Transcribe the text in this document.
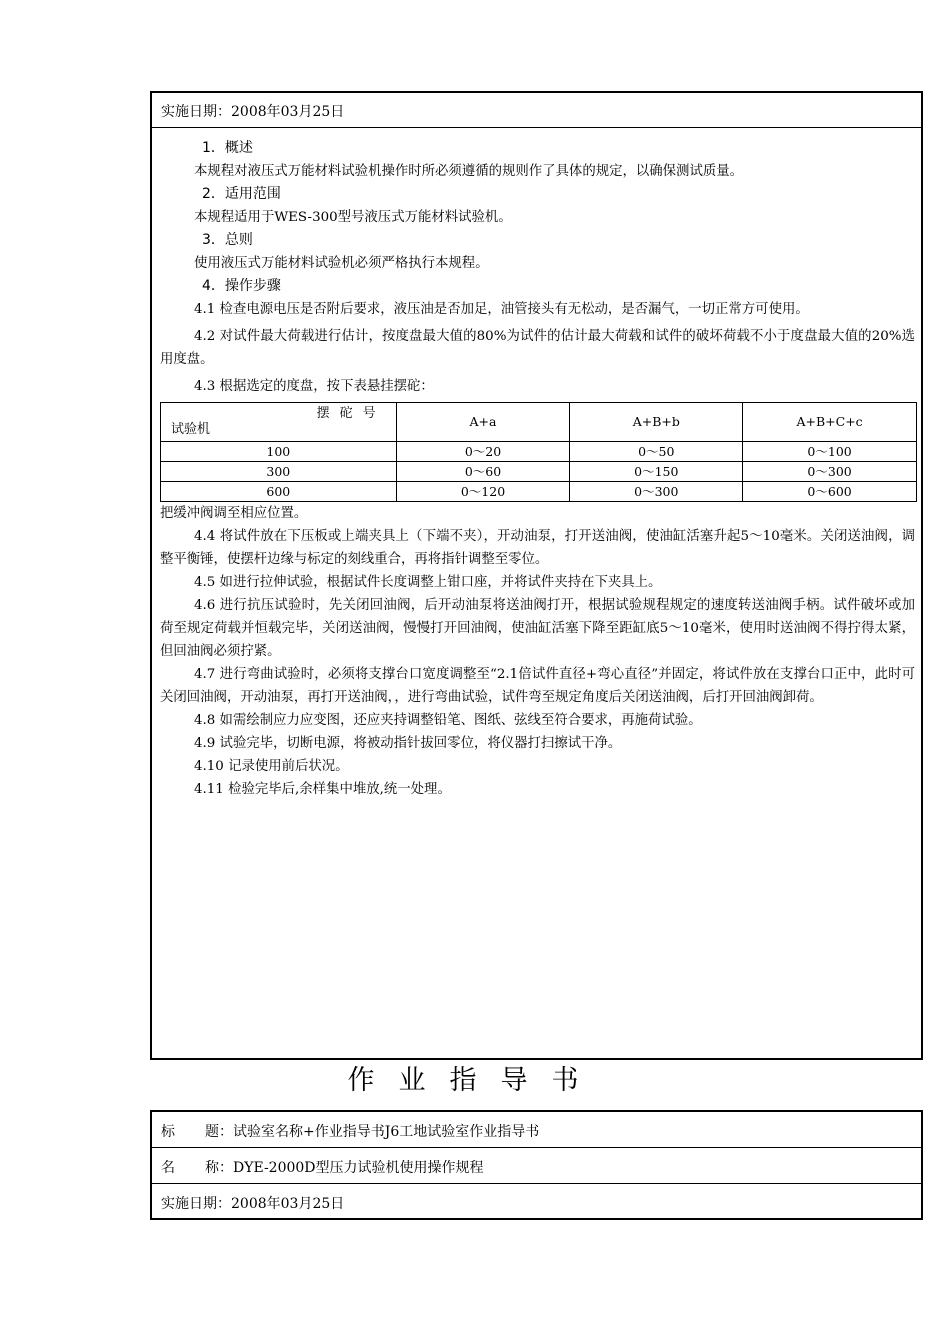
实施日期：2008年03月25日
1．概述
本规程对液压式万能材料试验机操作时所必须遵循的规则作了具体的规定，以确保测试质量。
2．适用范围
本规程适用于WES-300型号液压式万能材料试验机。
3．总则
使用液压式万能材料试验机必须严格执行本规程。
4．操作步骤
4.1 检查电源电压是否附后要求，液压油是否加足，油管接头有无松动，是否漏气，一切正常方可使用。
4.2 对试件最大荷载进行估计，按度盘最大值的80%为试件的估计最大荷载和试件的破坏荷载不小于度盘最大值的20%选用度盘。
4.3 根据选定的度盘，按下表悬挂摆砣：
摆砣号
试验机	A+a	A+B+b	A+B+C+c
100	0～20	0～50	0～100
300	0～60	0～150	0～300
600	0～120	0～300	0～600
把缓冲阀调至相应位置。
4.4 将试件放在下压板或上端夹具上（下端不夹），开动油泵，打开送油阀，使油缸活塞升起5～10毫米。关闭送油阀，调整平衡锤，使摆杆边缘与标定的刻线重合，再将指针调整至零位。
4.5 如进行拉伸试验，根据试件长度调整上钳口座，并将试件夹持在下夹具上。
4.6 进行抗压试验时，先关闭回油阀，后开动油泵将送油阀打开，根据试验规程规定的速度转送油阀手柄。试件破坏或加荷至规定荷载并恒载完毕，关闭送油阀，慢慢打开回油阀，使油缸活塞下降至距缸底5～10毫米，使用时送油阀不得拧得太紧，但回油阀必须拧紧。
4.7 进行弯曲试验时，必须将支撑台口宽度调整至“2.1倍试件直径+弯心直径”并固定，将试件放在支撑台口正中，此时可关闭回油阀，开动油泵，再打开送油阀，，进行弯曲试验，试件弯至规定角度后关闭送油阀，后打开回油阀卸荷。
4.8 如需绘制应力应变图，还应夹持调整铅笔、图纸、弦线至符合要求，再施荷试验。
4.9 试验完毕，切断电源，将被动指针拔回零位，将仪器打扫擦试干净。
4.10 记录使用前后状况。
4.11 检验完毕后,余样集中堆放,统一处理。
作业指导书
标 题：试验室名称+作业指导书J6工地试验室作业指导书
名 称：DYE-2000D型压力试验机使用操作规程
实施日期：2008年03月25日
